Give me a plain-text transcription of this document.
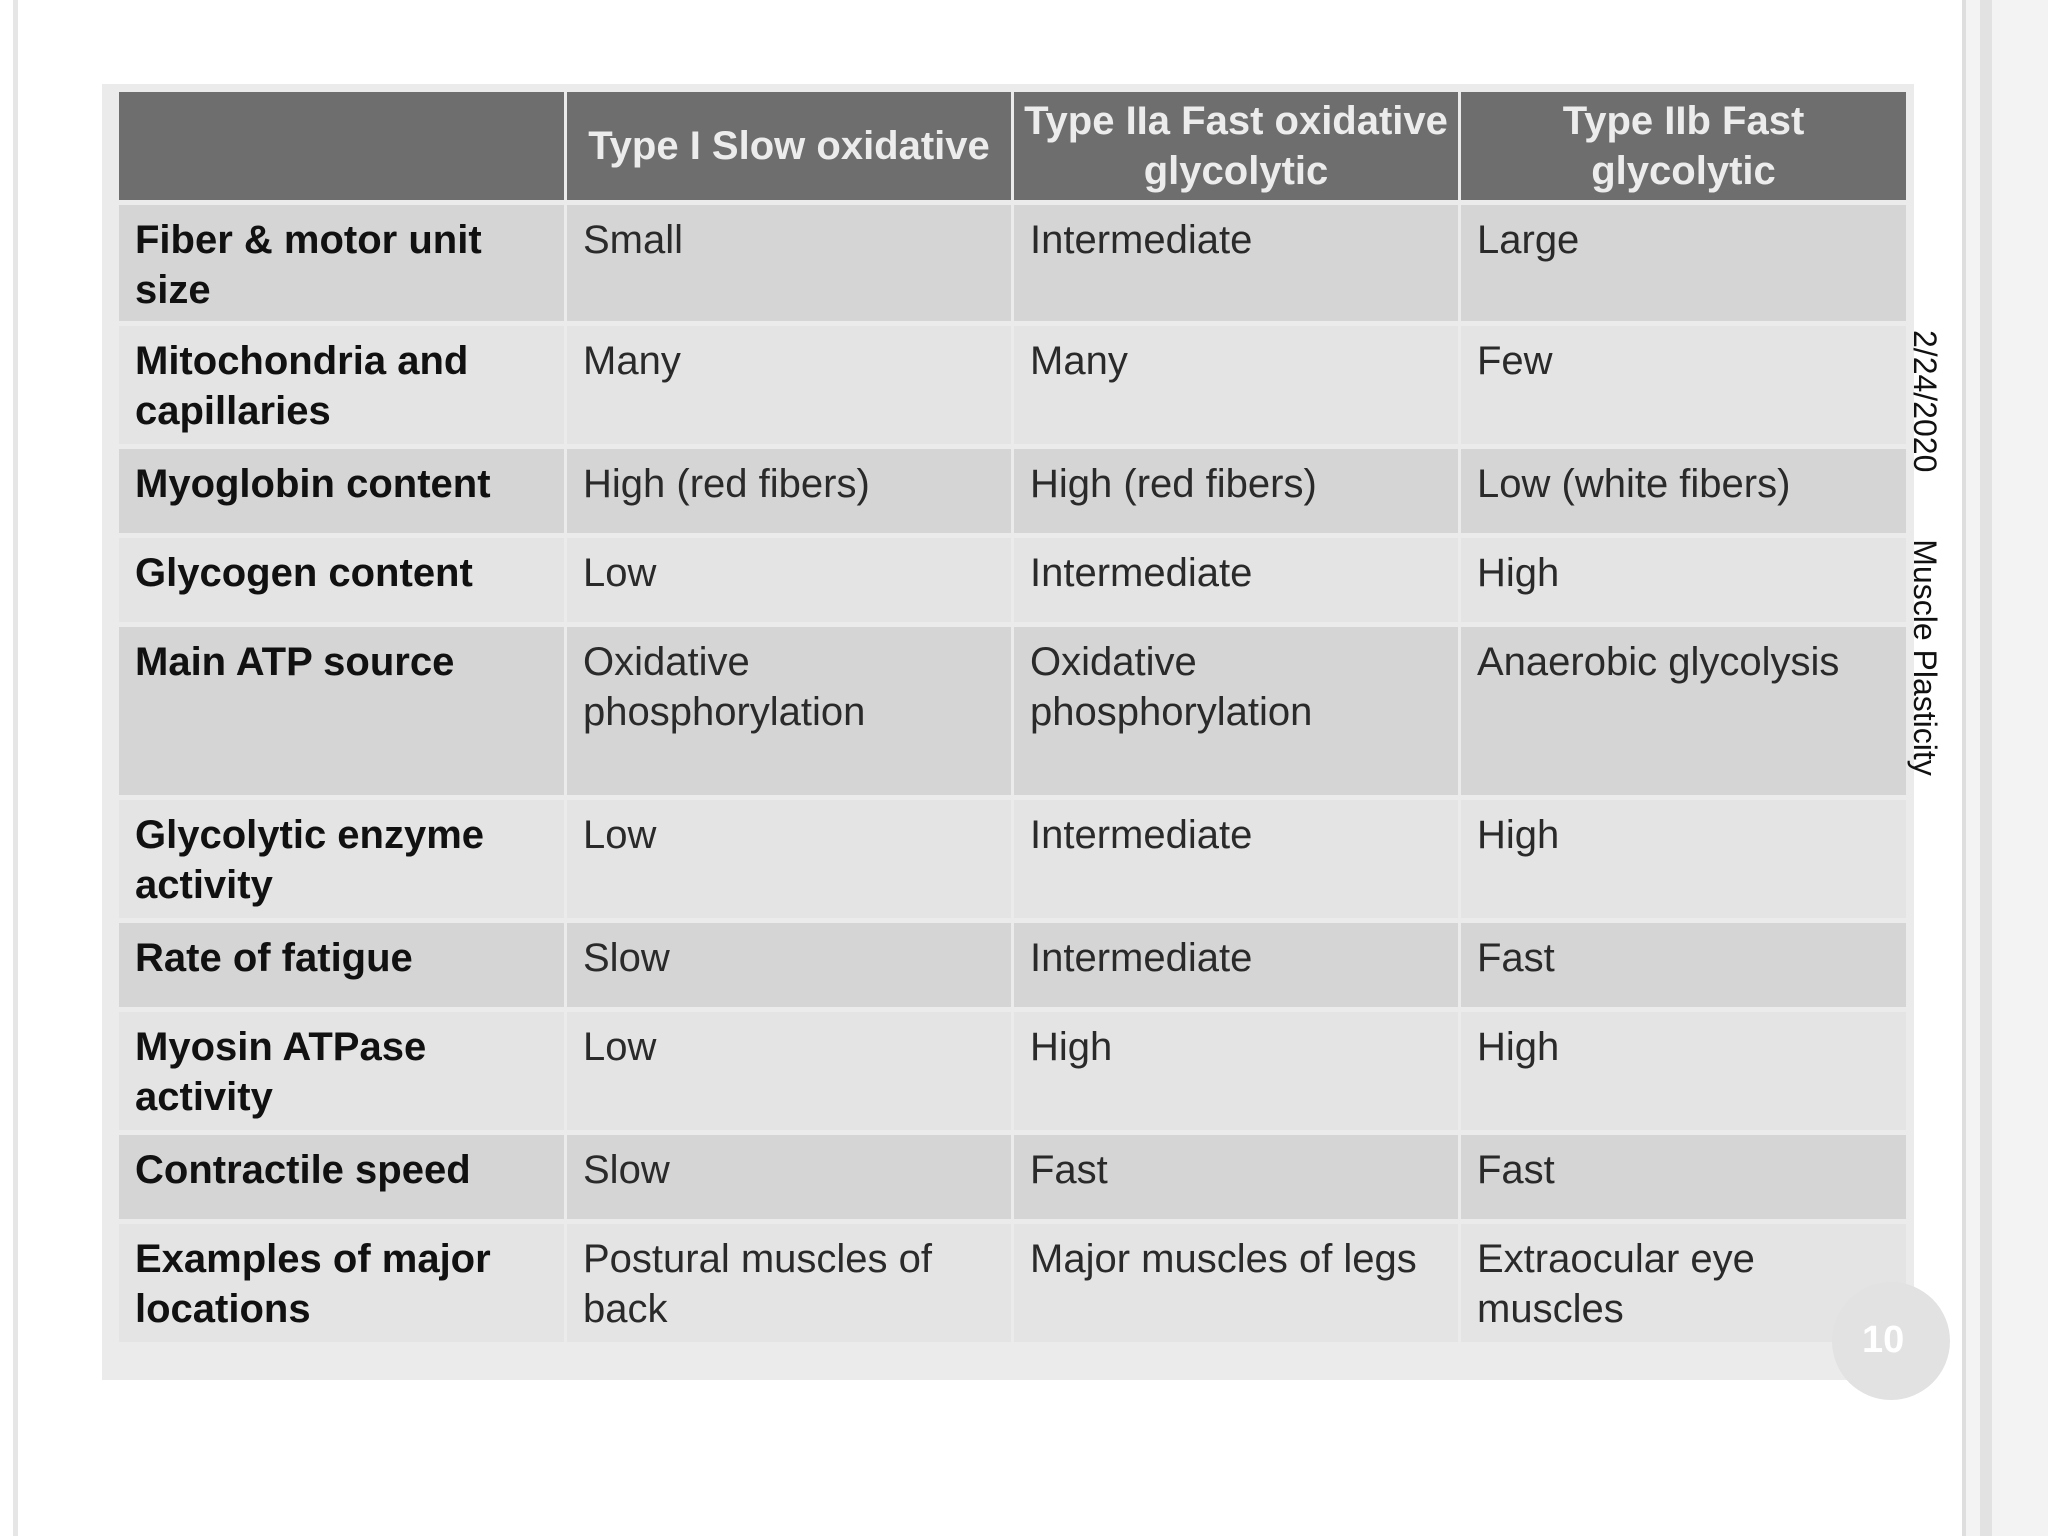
	Type I Slow oxidative	Type IIa Fast oxidative glycolytic	Type IIb Fast glycolytic
Fiber & motor unit size	Small	Intermediate	Large
Mitochondria and capillaries	Many	Many	Few
Myoglobin content	High (red fibers)	High (red fibers)	Low (white fibers)
Glycogen content	Low	Intermediate	High
Main ATP source	Oxidative phosphorylation	Oxidative phosphorylation	Anaerobic glycolysis
Glycolytic enzyme activity	Low	Intermediate	High
Rate of fatigue	Slow	Intermediate	Fast
Myosin ATPase activity	Low	High	High
Contractile speed	Slow	Fast	Fast
Examples of major locations	Postural muscles of back	Major muscles of legs	Extraocular eye muscles
2/24/2020 Muscle Plasticity
10
